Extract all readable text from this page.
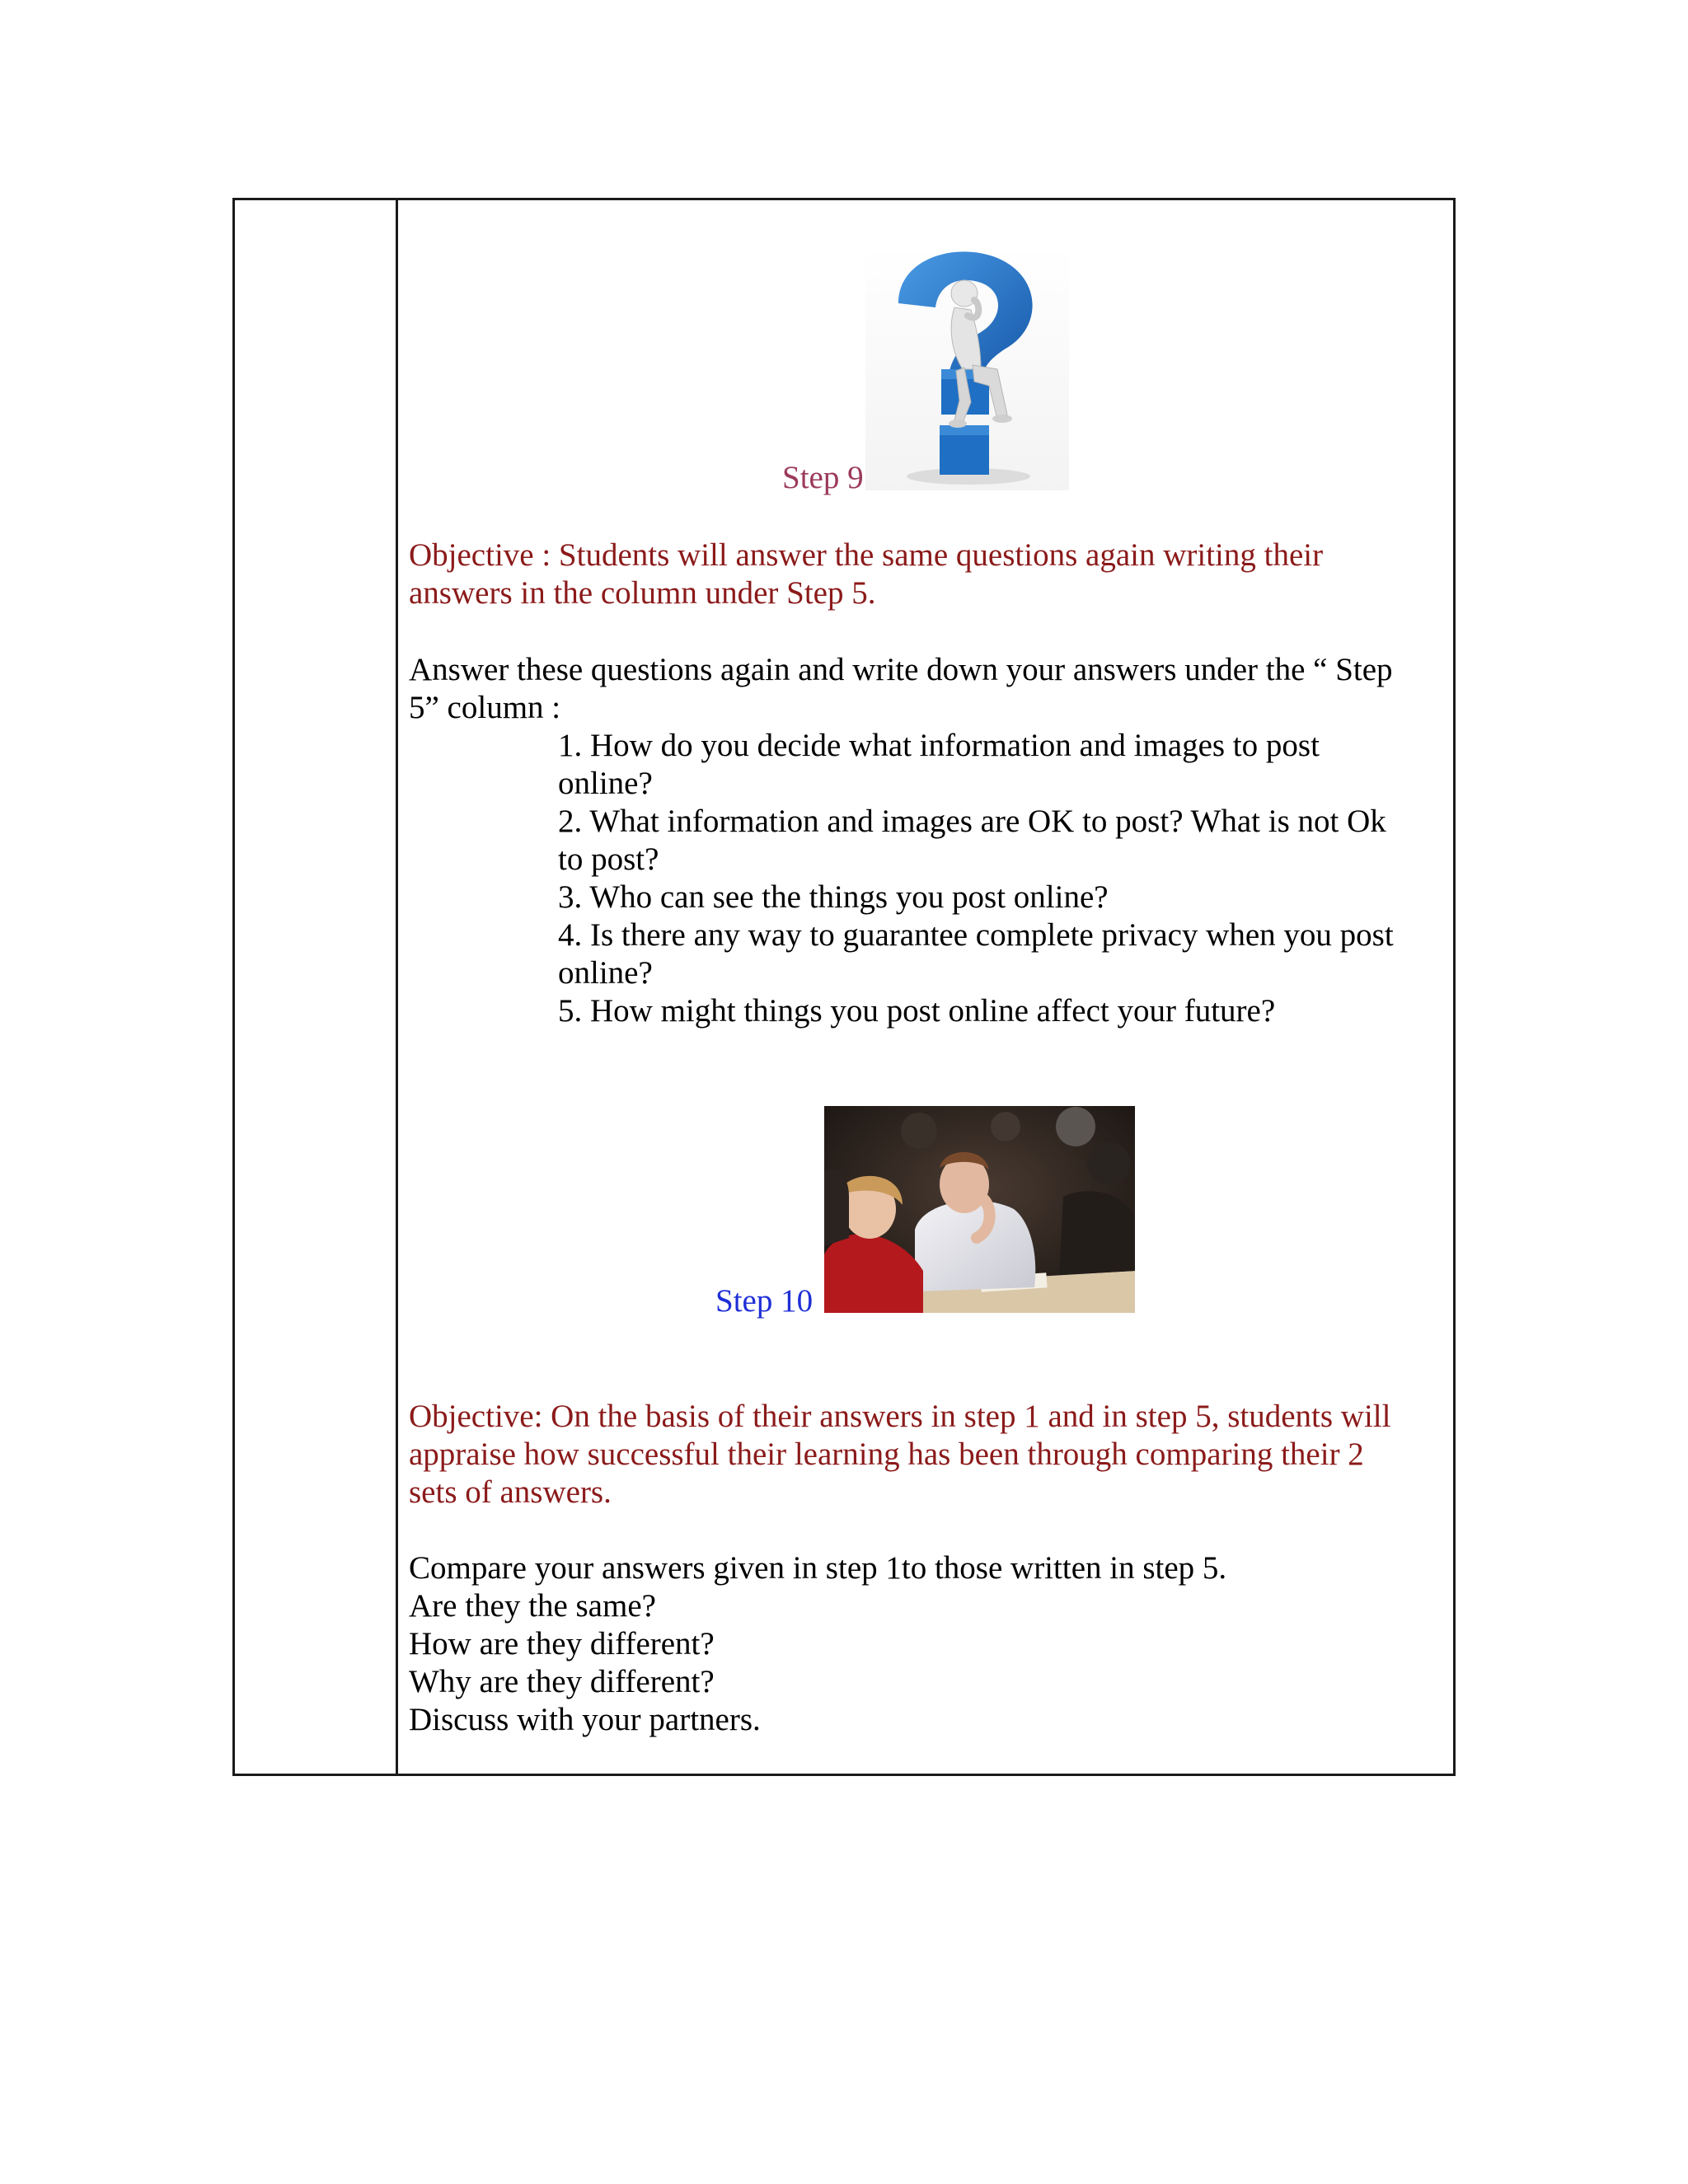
Step 9

Objective : Students will answer the same questions again writing their

answers in the column under Step 5.

Answer these questions again and write down your answers under the “ Step

5” column :

1. How do you decide what information and images to post

online?

2. What information and images are OK to post? What is not Ok

to post?

3. Who can see the things you post online?

4. Is there any way to guarantee complete privacy when you post

online?

5. How might things you post online affect your future?

Step 10

Objective: On the basis of their answers in step 1 and in step 5, students will

appraise how successful their learning has been through comparing their 2

sets of answers.

Compare your answers given in step 1to those written in step 5.

Are they the same?

How are they different?

Why are they different?

Discuss with your partners.
